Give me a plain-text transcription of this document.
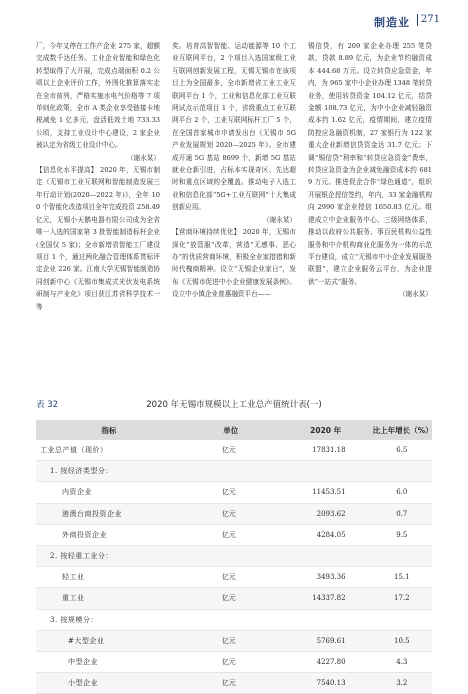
制造业 271

厂，今年又停在工作产企业 275 家，超额完成数千达任务。工业企业智能和绿色化转型取得了大开展，完成点端面积 0.2 公顷以上企业评价工作，外围化推算落实走在全市前列，严格实施水电气价格等 7 项单则化政策，全市 A 类企业享受链接卡地税减免 1 亿多元，盘活低效土地 733.33 公顷，支持工业设计中心建设，2 家企业被认定为省级工业设计中心。

（谢永某）

【信息化水平提高】 2020 年，无锡市制定《无锡市工业互联网和智能制造发展三年行动计划(2020—2022 年)》，全年 100 个智能化改造项目全年完成投资 258.49 亿元，无锡小天鹅电器有限公司成为全省唯一入选的国家第 3 批智能制造标杆企业(全国仅 5 家)；全市新增省智能工厂建设项目 1 个，通过两化融合管理体系贯标评定企业 226 家。江南大学无锡智能制造协同创新中心《无锡市集成式光伏发电系统研制与产业化》项目获江苏省科学技术一等

奖。培育高智智能、运动能源等 10 个工业互联网平台，2 个项目入选国家级工业互联网创新发展工程，无锡无锡市在该项目上为全国最多，全市新增省工业工业互联网平台 1 个，工业和信息化部工业互联网试点示范项目 1 个，省级重点工业互联网平台 2 个，工业互联网标杆工厂 5 个，在全国首家城市申请发出台《无锡市 5G 产业发展规划 2020—2025 年》。全市建成开通 5G 基站 8699 个，新增 5G 基站就业仓新引进，占标本实现奇区、先达超时和重点区域的全覆盖。推动电子入选工业和信息化部“5G+工业互联网”十大集成创新应用。

（谢永某）

【营商环境持续优化】 2020 年，无锡市深化“放管服”改革，营造“无感事、恶心办”的优质营商环境，积极全业家措措和新时代槐商精神。设立“无锡企业家日”，发布《无锡市促进中小企业健康发展条例》。设立中小镇企业普惠融资平台——

锡信贷，有 209 家企业办理 255 笔贷款，贷款 8.89 亿元，为企业节约融资成本 444.68 万元。设立转贷应急资金，年内，为 965 家中小企业办理 1348 笔转贷业务，使用转贷资金 104.12 亿元，结贷金额 108.73 亿元，为中小企业减轻融资成本约 1.62 亿元，疫情期间，建立疫情防控应急融资机制，27 家银行为 122 家重大企业新增信贷资金达 31.7 亿元；下调“锡信贷”利率和“转贷应急资金”费率，转贷应急资金为企业减免融资成本约 6819 万元。推进促企合作“绿色通道”，组织开展银企授信签约，年内，33 家金融机构向 2990 家企业授信 1650.83 亿元。组建成立中企业服务中心、三级网络体系，推动以政府公共服务、事百民机构公益性服务和中介机构商业化服务为一体的示范平台建设，成立“无锡市中小企业发展服务联盟”，建立企业服务云平台，为企业提供“一站式”服务。

（谢永某）

表 32	2020 年无锡市规模以上工业总产值统计表(一)
指标	单位	2020 年	比上年增长（%）
工业总产值（现价）	亿元	17831.18	6.5
1. 按经济类型分：			
内资企业	亿元	11453.51	6.0
港澳台商投资企业	亿元	2093.62	0.7
外商投资企业	亿元	4284.05	9.5
2. 按轻重工业分：			
轻工业	亿元	3493.36	15.1
重工业	亿元	14337.82	17.2
3. 按规模分：			
#大型企业	亿元	5769.61	10.5
中型企业	亿元	4227.80	4.3
小型企业	亿元	7540.13	3.2
